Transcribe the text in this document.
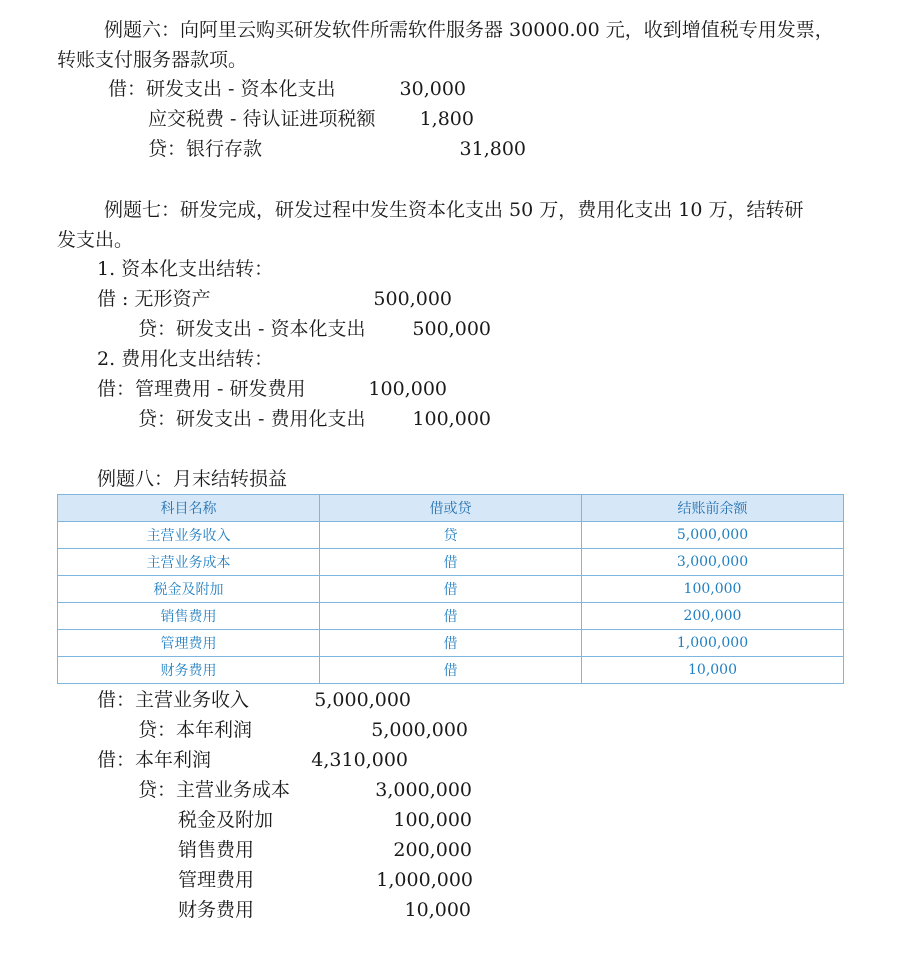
例题六：向阿里云购买研发软件所需软件服务器 30000.00 元，收到增值税专用发票，
转账支付服务器款项。
借：研发支出 - 资本化支出	30,000
应交税费 - 待认证进项税额	1,800
贷：银行存款	31,800
例题七：研发完成，研发过程中发生资本化支出 50 万，费用化支出 10 万，结转研
发支出。
1. 资本化支出结转：
借 : 无形资产	500,000
贷：研发支出 - 资本化支出	500,000
2. 费用化支出结转：
借：管理费用 - 研发费用	100,000
贷：研发支出 - 费用化支出	100,000
例题八：月末结转损益
科目名称	借或贷	结账前余额
主营业务收入	贷	5,000,000
主营业务成本	借	3,000,000
税金及附加	借	100,000
销售费用	借	200,000
管理费用	借	1,000,000
财务费用	借	10,000
借：主营业务收入	5,000,000
贷：本年利润	5,000,000
借：本年利润	4,310,000
贷：主营业务成本	3,000,000
税金及附加	100,000
销售费用	200,000
管理费用	1,000,000
财务费用	10,000
